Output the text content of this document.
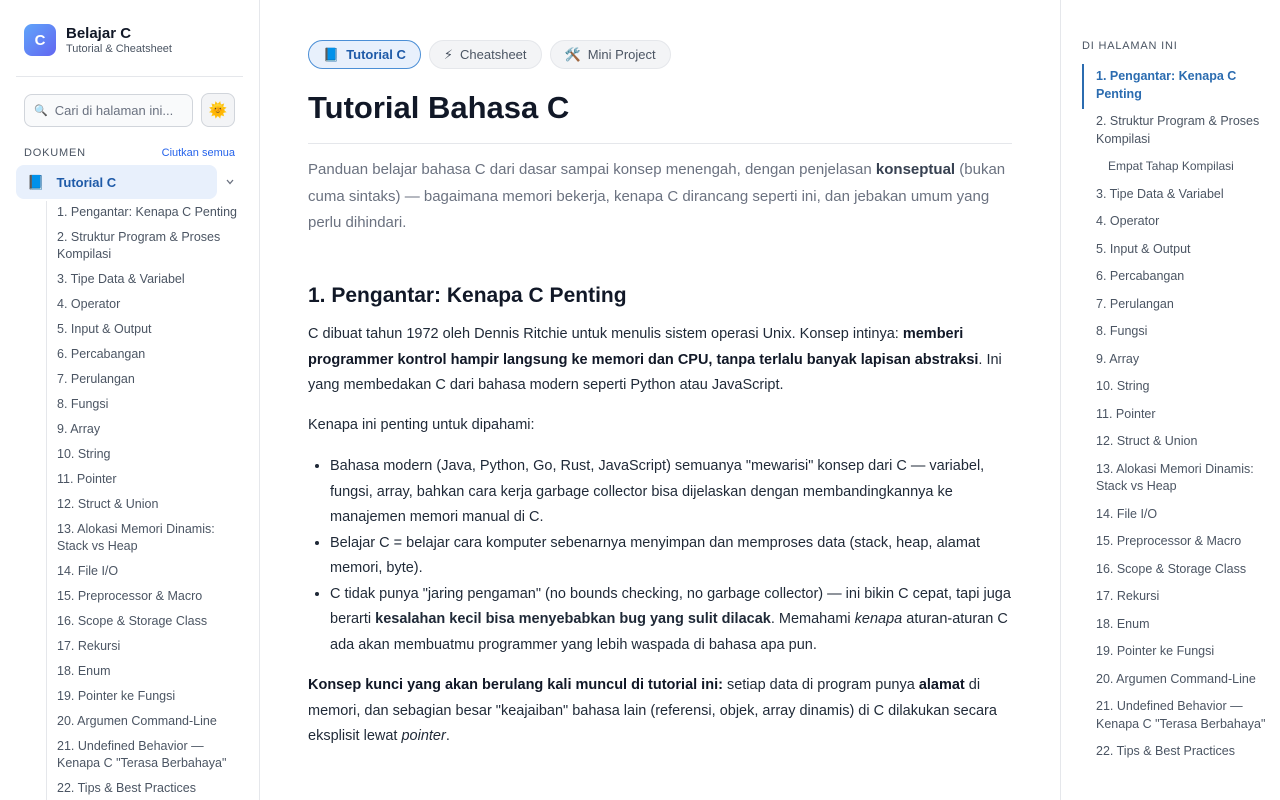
C	Belajar C
Tutorial & Cheatsheet
🔍
Cari di halaman ini...	🌞
DOKUMEN	Ciutkan semua
📘 Tutorial C
1. Pengantar: Kenapa C Penting
2. Struktur Program & Proses Kompilasi
3. Tipe Data & Variabel
4. Operator
5. Input & Output
6. Percabangan
7. Perulangan
8. Fungsi
9. Array
10. String
11. Pointer
12. Struct & Union
13. Alokasi Memori Dinamis: Stack vs Heap
14. File I/O
15. Preprocessor & Macro
16. Scope & Storage Class
17. Rekursi
18. Enum
19. Pointer ke Fungsi
20. Argumen Command-Line
21. Undefined Behavior — Kenapa C "Terasa Berbahaya"
22. Tips & Best Practices
📘 Tutorial C	⚡ Cheatsheet	🛠️ Mini Project
Tutorial Bahasa C

Panduan belajar bahasa C dari dasar sampai konsep menengah, dengan penjelasan konseptual (bukan cuma sintaks) — bagaimana memori bekerja, kenapa C dirancang seperti ini, dan jebakan umum yang perlu dihindari.

1. Pengantar: Kenapa C Penting

C dibuat tahun 1972 oleh Dennis Ritchie untuk menulis sistem operasi Unix. Konsep intinya: memberi programmer kontrol hampir langsung ke memori dan CPU, tanpa terlalu banyak lapisan abstraksi. Ini yang membedakan C dari bahasa modern seperti Python atau JavaScript.

Kenapa ini penting untuk dipahami:

• Bahasa modern (Java, Python, Go, Rust, JavaScript) semuanya "mewarisi" konsep dari C — variabel, fungsi, array, bahkan cara kerja garbage collector bisa dijelaskan dengan membandingkannya ke manajemen memori manual di C.
• Belajar C = belajar cara komputer sebenarnya menyimpan dan memproses data (stack, heap, alamat memori, byte).
• C tidak punya "jaring pengaman" (no bounds checking, no garbage collector) — ini bikin C cepat, tapi juga berarti kesalahan kecil bisa menyebabkan bug yang sulit dilacak. Memahami kenapa aturan-aturan C ada akan membuatmu programmer yang lebih waspada di bahasa apa pun.

Konsep kunci yang akan berulang kali muncul di tutorial ini: setiap data di program punya alamat di memori, dan sebagian besar "keajaiban" bahasa lain (referensi, objek, array dinamis) di C dilakukan secara eksplisit lewat pointer.

DI HALAMAN INI
1. Pengantar: Kenapa C Penting
2. Struktur Program & Proses Kompilasi
Empat Tahap Kompilasi
3. Tipe Data & Variabel
4. Operator
5. Input & Output
6. Percabangan
7. Perulangan
8. Fungsi
9. Array
10. String
11. Pointer
12. Struct & Union
13. Alokasi Memori Dinamis: Stack vs Heap
14. File I/O
15. Preprocessor & Macro
16. Scope & Storage Class
17. Rekursi
18. Enum
19. Pointer ke Fungsi
20. Argumen Command-Line
21. Undefined Behavior — Kenapa C "Terasa Berbahaya"
22. Tips & Best Practices
